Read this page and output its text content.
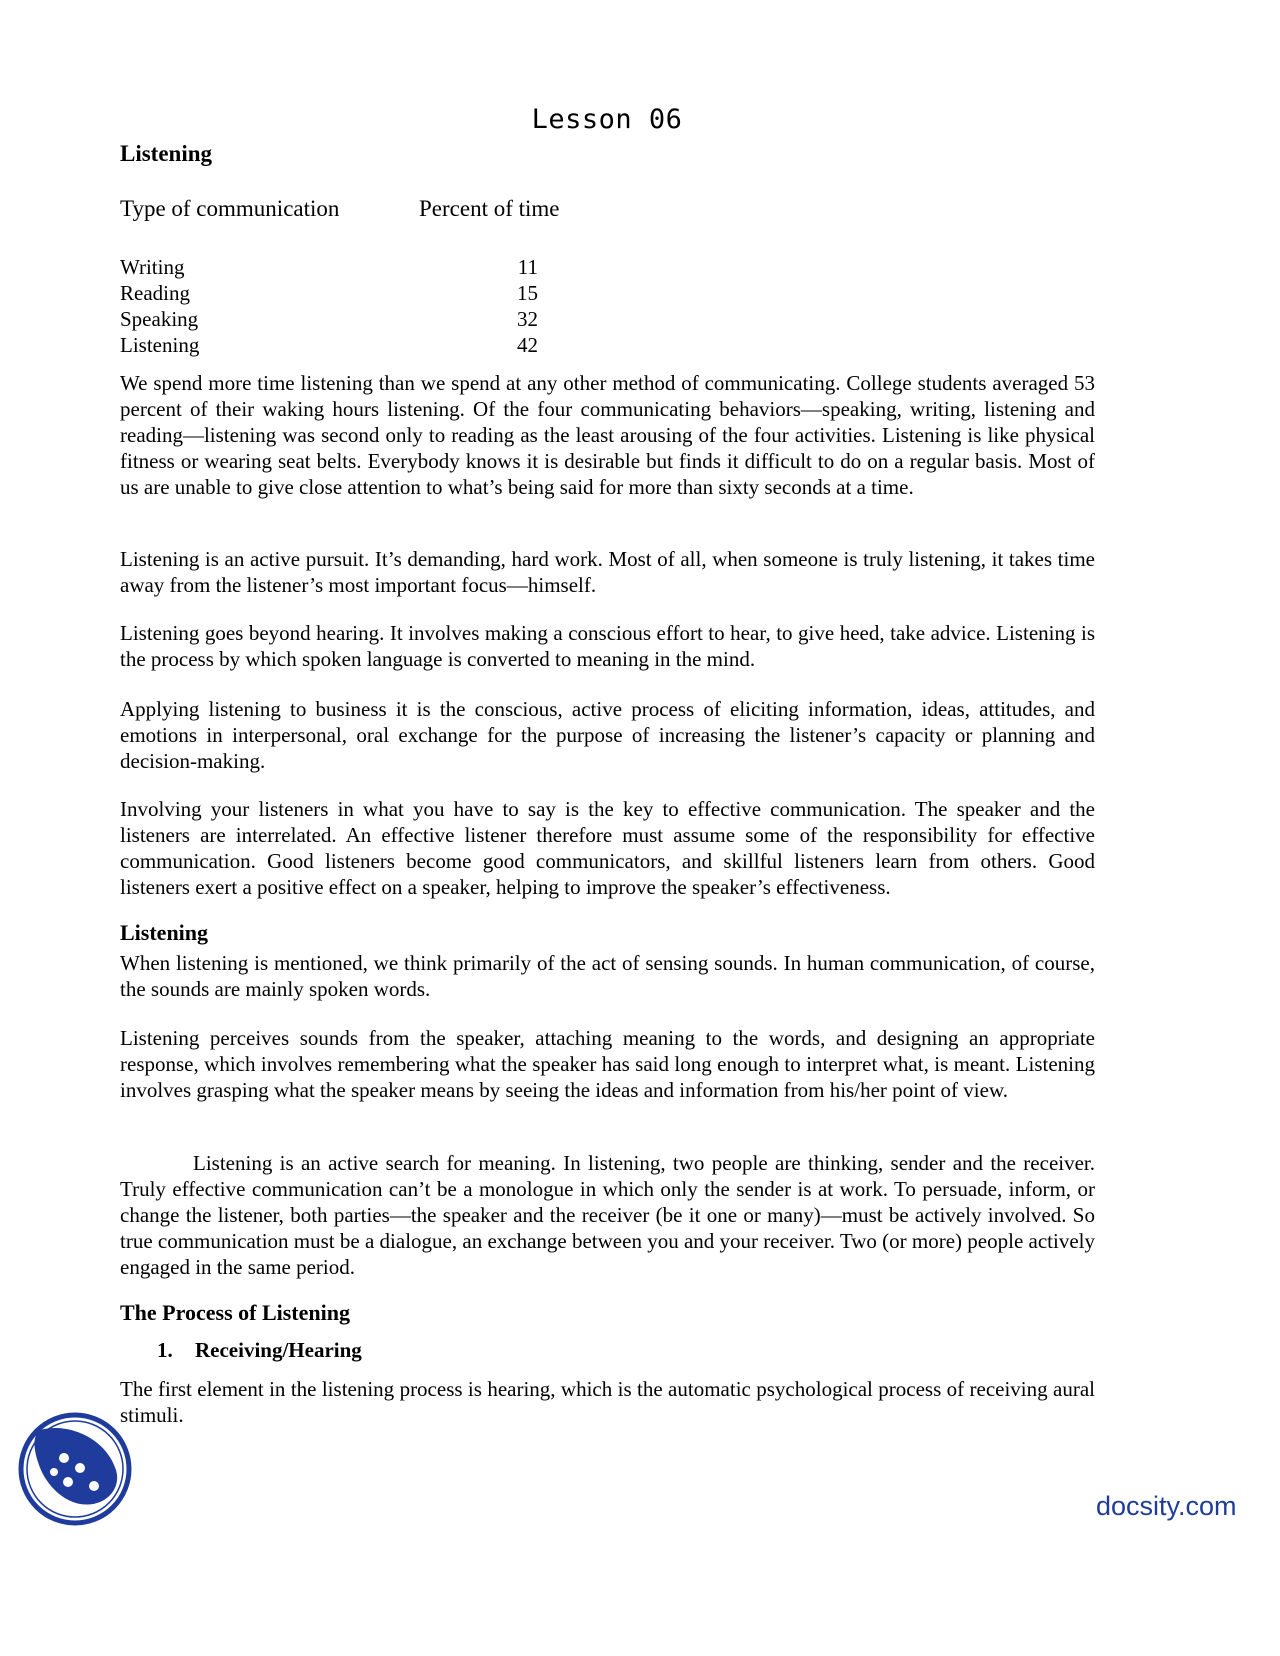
Lesson 06
Listening
Type of communication	Percent of time
Writing	11
Reading	15
Speaking	32
Listening	42

We spend more time listening than we spend at any other method of communicating. College students averaged 53 percent of their waking hours listening. Of the four communicating behaviors—speaking, writing, listening and reading—listening was second only to reading as the least arousing of the four activities. Listening is like physical fitness or wearing seat belts. Everybody knows it is desirable but finds it difficult to do on a regular basis. Most of us are unable to give close attention to what’s being said for more than sixty seconds at a time.

Listening is an active pursuit. It’s demanding, hard work. Most of all, when someone is truly listening, it takes time away from the listener’s most important focus—himself.

Listening goes beyond hearing. It involves making a conscious effort to hear, to give heed, take advice. Listening is the process by which spoken language is converted to meaning in the mind.

Applying listening to business it is the conscious, active process of eliciting information, ideas, attitudes, and emotions in interpersonal, oral exchange for the purpose of increasing the listener’s capacity or planning and decision-making.

Involving your listeners in what you have to say is the key to effective communication. The speaker and the listeners are interrelated. An effective listener therefore must assume some of the responsibility for effective communication. Good listeners become good communicators, and skillful listeners learn from others. Good listeners exert a positive effect on a speaker, helping to improve the speaker’s effectiveness.

Listening

When listening is mentioned, we think primarily of the act of sensing sounds. In human communication, of course, the sounds are mainly spoken words.

Listening perceives sounds from the speaker, attaching meaning to the words, and designing an appropriate response, which involves remembering what the speaker has said long enough to interpret what, is meant. Listening involves grasping what the speaker means by seeing the ideas and information from his/her point of view.

Listening is an active search for meaning. In listening, two people are thinking, sender and the receiver. Truly effective communication can’t be a monologue in which only the sender is at work. To persuade, inform, or change the listener, both parties—the speaker and the receiver (be it one or many)—must be actively involved. So true communication must be a dialogue, an exchange between you and your receiver. Two (or more) people actively engaged in the same period.

The Process of Listening
1. Receiving/Hearing

The first element in the listening process is hearing, which is the automatic psychological process of receiving aural stimuli.

docsity.com
